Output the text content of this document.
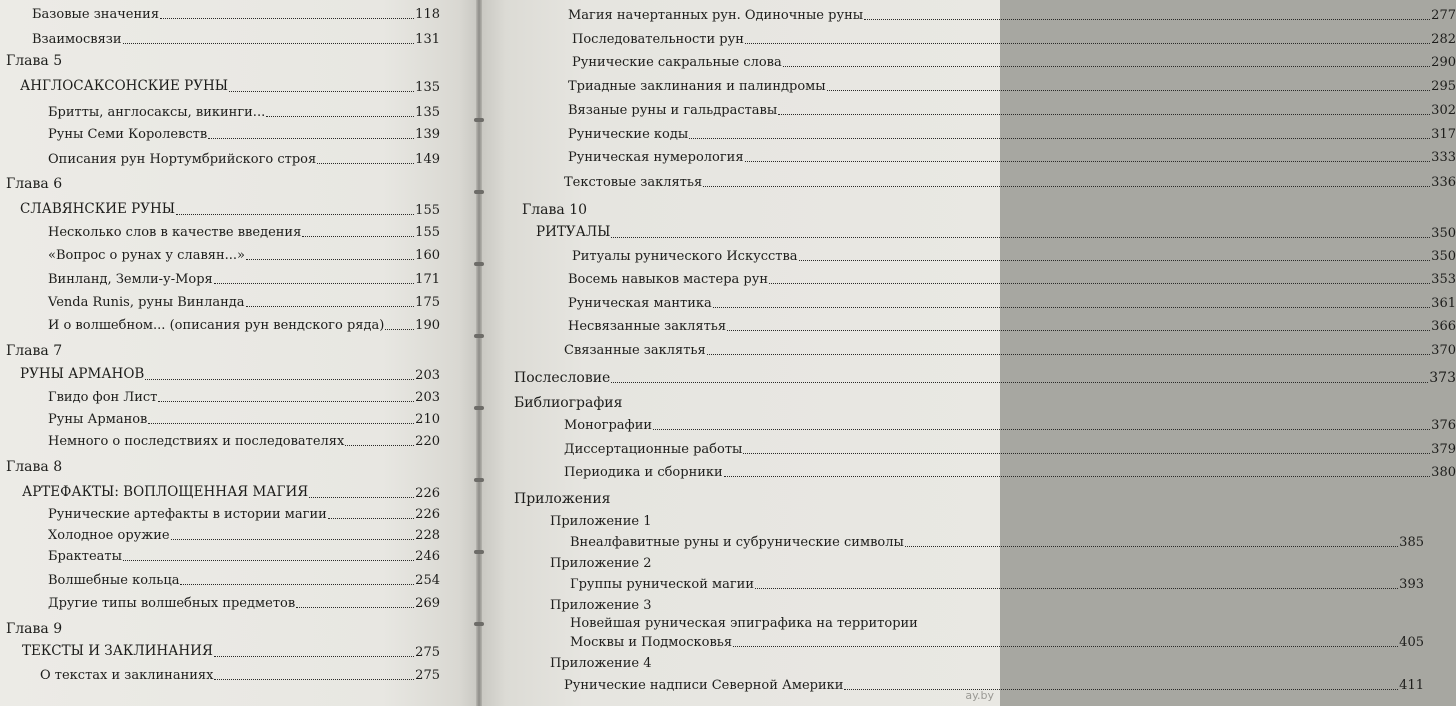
Базовые значения	118
Взаимосвязи	131
Глава 5
АНГЛОСАКСОНСКИЕ РУНЫ	135
Бритты, англосаксы, викинги...	135
Руны Семи Королевств	139
Описания рун Нортумбрийского строя	149
Глава 6
СЛАВЯНСКИЕ РУНЫ	155
Несколько слов в качестве введения	155
«Вопрос о рунах у славян...»	160
Винланд, Земли-у-Моря	171
Venda Runis, руны Винланда	175
И о волшебном... (описания рун вендского ряда) 190
Глава 7
РУНЫ АРМАНОВ	203
Гвидо фон Лист	203
Руны Арманов	210
Немного о последствиях и последователях	220
Глава 8
АРТЕФАКТЫ: ВОПЛОЩЕННАЯ МАГИЯ	226
Рунические артефакты в истории магии	226
Холодное оружие	228
Брактеаты	246
Волшебные кольца	254
Другие типы волшебных предметов	269
Глава 9
ТЕКСТЫ И ЗАКЛИНАНИЯ	275
О текстах и заклинаниях	275
Магия начертанных рун. Одиночные руны	277
Последовательности рун	282
Рунические сакральные слова	290
Триадные заклинания и палиндромы	295
Вязаные руны и гальдраставы	302
Рунические коды	317
Руническая нумерология	333
Текстовые заклятья	336
Глава 10
РИТУАЛЫ	350
Ритуалы рунического Искусства	350
Восемь навыков мастера рун	353
Руническая мантика	361
Несвязанные заклятья	366
Связанные заклятья	370
Послесловие	373
Библиография
Монографии	376
Диссертационные работы	379
Периодика и сборники	380
Приложения
Приложение 1
Внеалфавитные руны и субрунические символы	385
Приложение 2
Группы рунической магии	393
Приложение 3
Новейшая руническая эпиграфика на территории
Москвы и Подмосковья	405
Приложение 4
Рунические надписи Северной Америки	411
ay.by
